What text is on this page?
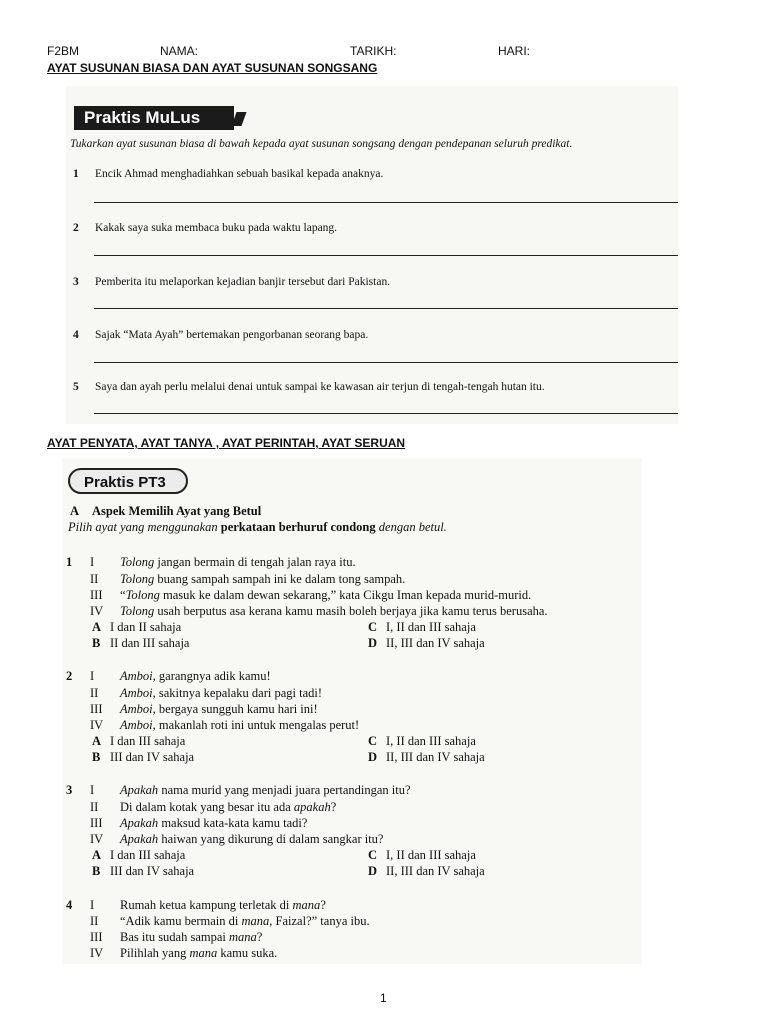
F2BM	NAMA:	TARIKH:	HARI:
AYAT SUSUNAN BIASA DAN AYAT SUSUNAN SONGSANG
Praktis MuLus
Tukarkan ayat susunan biasa di bawah kepada ayat susunan songsang dengan pendepanan seluruh predikat.
1 Encik Ahmad menghadiahkan sebuah basikal kepada anaknya.
2 Kakak saya suka membaca buku pada waktu lapang.
3 Pemberita itu melaporkan kejadian banjir tersebut dari Pakistan.
4 Sajak “Mata Ayah” bertemakan pengorbanan seorang bapa.
5 Saya dan ayah perlu melalui denai untuk sampai ke kawasan air terjun di tengah-tengah hutan itu.
AYAT PENYATA, AYAT TANYA , AYAT PERINTAH, AYAT SERUAN
Praktis PT3
A Aspek Memilih Ayat yang Betul
Pilih ayat yang menggunakan perkataan berhuruf condong dengan betul.
1 I Tolong jangan bermain di tengah jalan raya itu.
II Tolong buang sampah sampah ini ke dalam tong sampah.
III “Tolong masuk ke dalam dewan sekarang,” kata Cikgu Iman kepada murid-murid.
IV Tolong usah berputus asa kerana kamu masih boleh berjaya jika kamu terus berusaha.
A I dan II sahaja	C I, II dan III sahaja
B II dan III sahaja	D II, III dan IV sahaja
2 I Amboi, garangnya adik kamu!
II Amboi, sakitnya kepalaku dari pagi tadi!
III Amboi, bergaya sungguh kamu hari ini!
IV Amboi, makanlah roti ini untuk mengalas perut!
A I dan III sahaja	C I, II dan III sahaja
B III dan IV sahaja	D II, III dan IV sahaja
3 I Apakah nama murid yang menjadi juara pertandingan itu?
II Di dalam kotak yang besar itu ada apakah?
III Apakah maksud kata-kata kamu tadi?
IV Apakah haiwan yang dikurung di dalam sangkar itu?
A I dan III sahaja	C I, II dan III sahaja
B III dan IV sahaja	D II, III dan IV sahaja
4 I Rumah ketua kampung terletak di mana?
II “Adik kamu bermain di mana, Faizal?” tanya ibu.
III Bas itu sudah sampai mana?
IV Pilihlah yang mana kamu suka.
1
